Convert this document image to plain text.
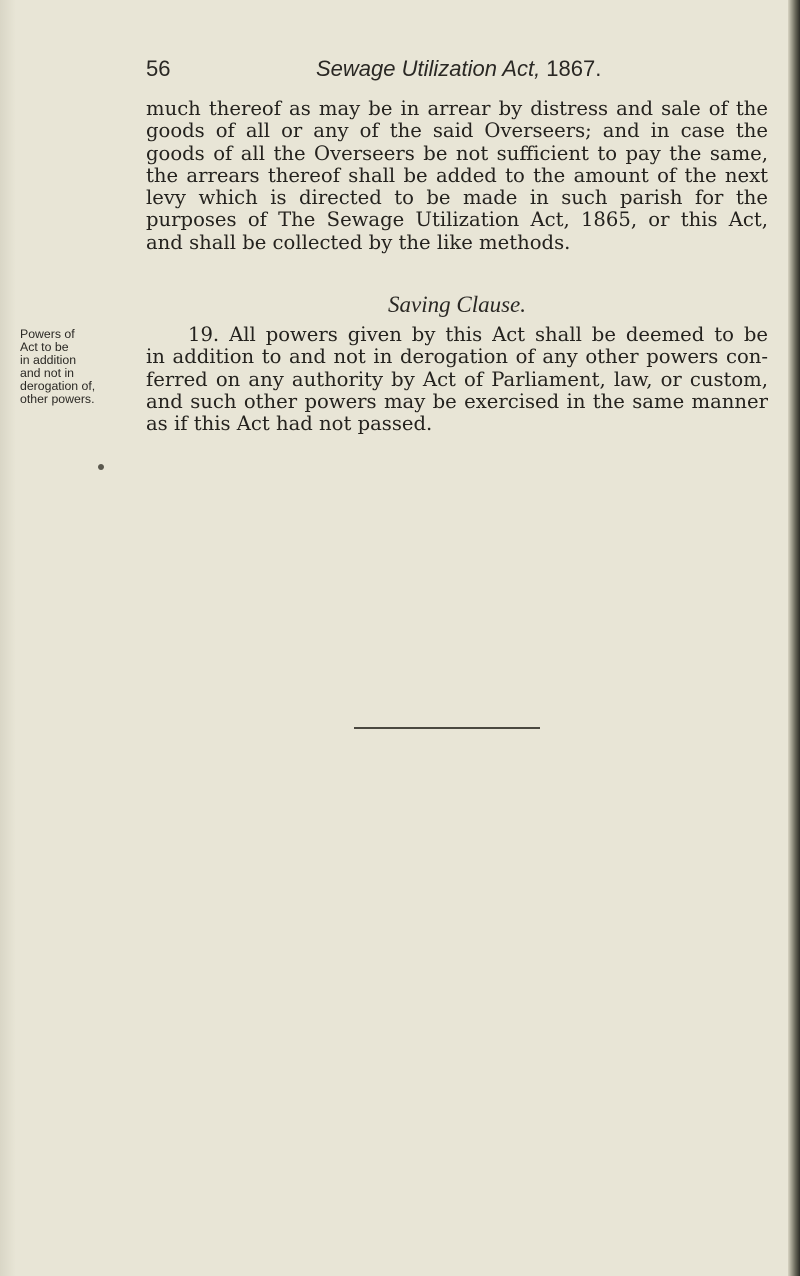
56	Sewage Utilization Act, 1867.
much thereof as may be in arrear by distress and sale of the
goods of all or any of the said Overseers; and in case the
goods of all the Overseers be not sufficient to pay the same,
the arrears thereof shall be added to the amount of the next
levy which is directed to be made in such parish for the
purposes of The Sewage Utilization Act, 1865, or this Act,
and shall be collected by the like methods.
Saving Clause.
Powers of
Act to be
in addition
and not in
derogation of,
other powers.
19. All powers given by this Act shall be deemed to be
in addition to and not in derogation of any other powers con-
ferred on any authority by Act of Parliament, law, or custom,
and such other powers may be exercised in the same manner
as if this Act had not passed.
